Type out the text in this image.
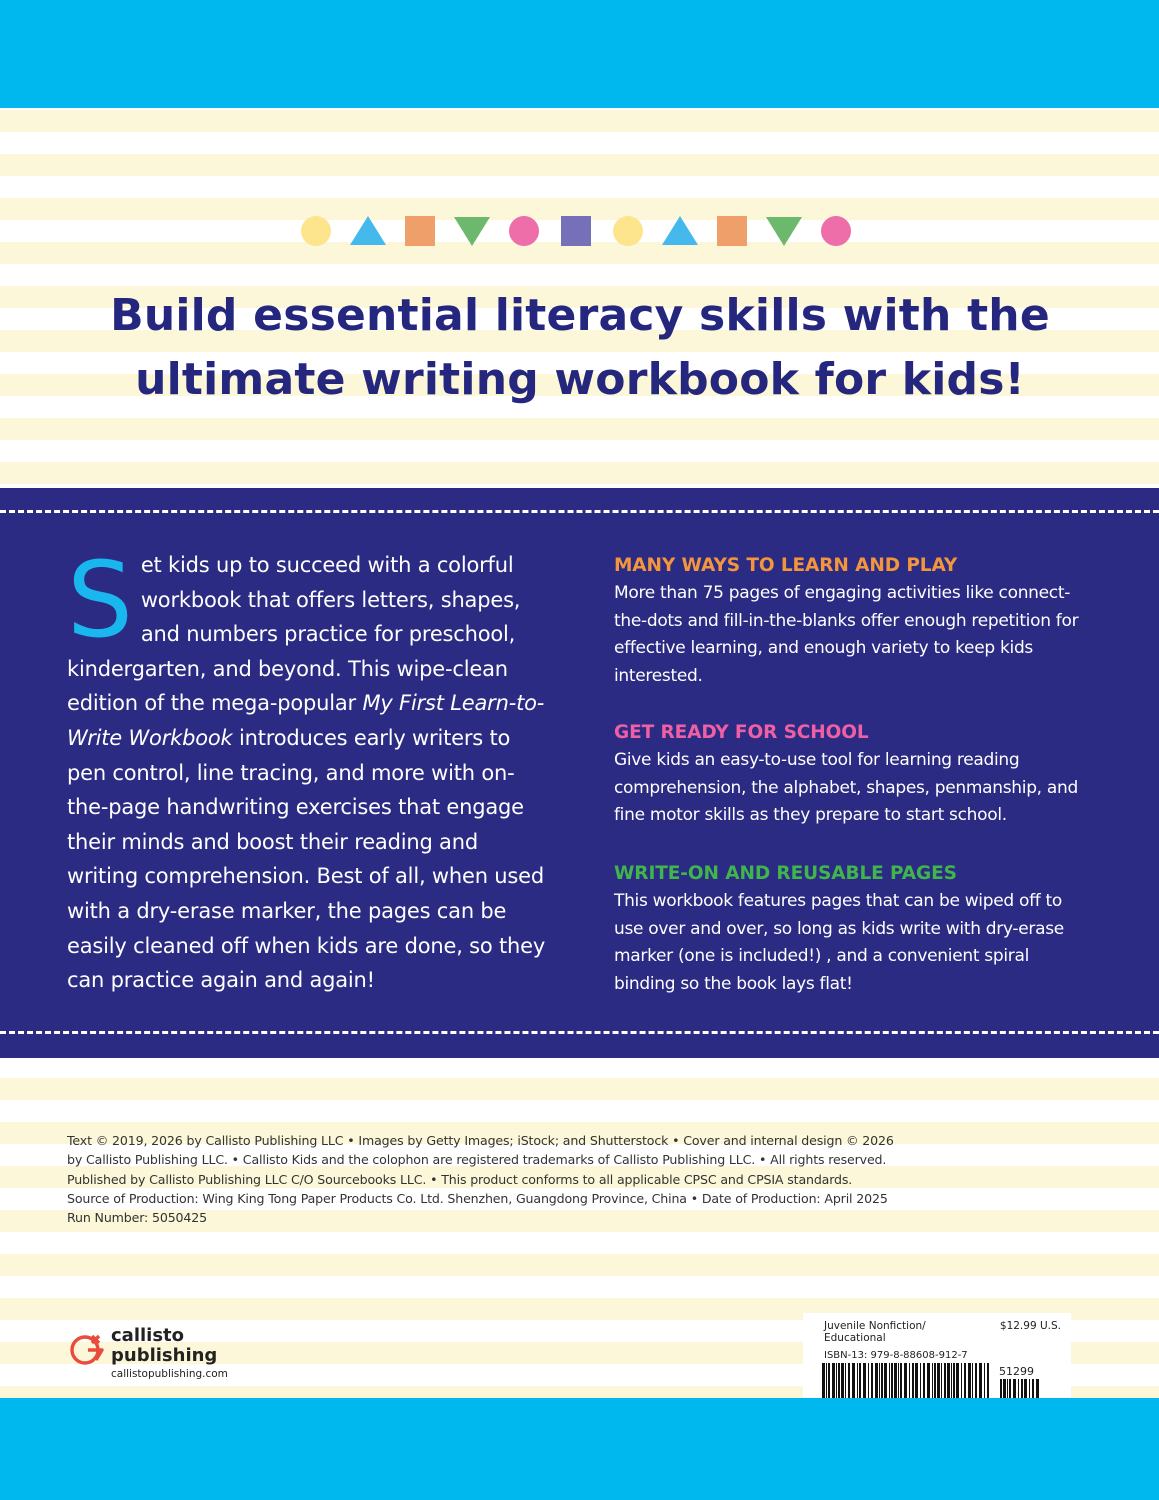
Build essential literacy skills with the
ultimate writing workbook for kids!
Set kids up to succeed with a colorful workbook that offers letters, shapes, and numbers practice for preschool, kindergarten, and beyond. This wipe-clean edition of the mega-popular My First Learn-to-Write Workbook introduces early writers to pen control, line tracing, and more with on-the-page handwriting exercises that engage their minds and boost their reading and writing comprehension. Best of all, when used with a dry-erase marker, the pages can be easily cleaned off when kids are done, so they can practice again and again!
MANY WAYS TO LEARN AND PLAY

More than 75 pages of engaging activities like connect-the-dots and fill-in-the-blanks offer enough repetition for effective learning, and enough variety to keep kids interested.

GET READY FOR SCHOOL

Give kids an easy-to-use tool for learning reading comprehension, the alphabet, shapes, penmanship, and fine motor skills as they prepare to start school.

WRITE-ON AND REUSABLE PAGES

This workbook features pages that can be wiped off to use over and over, so long as kids write with dry-erase marker (one is included!) , and a convenient spiral binding so the book lays flat!

Text © 2019, 2026 by Callisto Publishing LLC • Images by Getty Images; iStock; and Shutterstock • Cover and internal design © 2026
by Callisto Publishing LLC. • Callisto Kids and the colophon are registered trademarks of Callisto Publishing LLC. • All rights reserved.
Published by Callisto Publishing LLC C/O Sourcebooks LLC. • This product conforms to all applicable CPSC and CPSIA standards.
Source of Production: Wing King Tong Paper Products Co. Ltd. Shenzhen, Guangdong Province, China • Date of Production: April 2025
Run Number: 5050425
callisto
publishing
callistopublishing.com
Juvenile Nonfiction/ Educational
$12.99 U.S.
ISBN-13: 979-8-88608-912-7
51299
